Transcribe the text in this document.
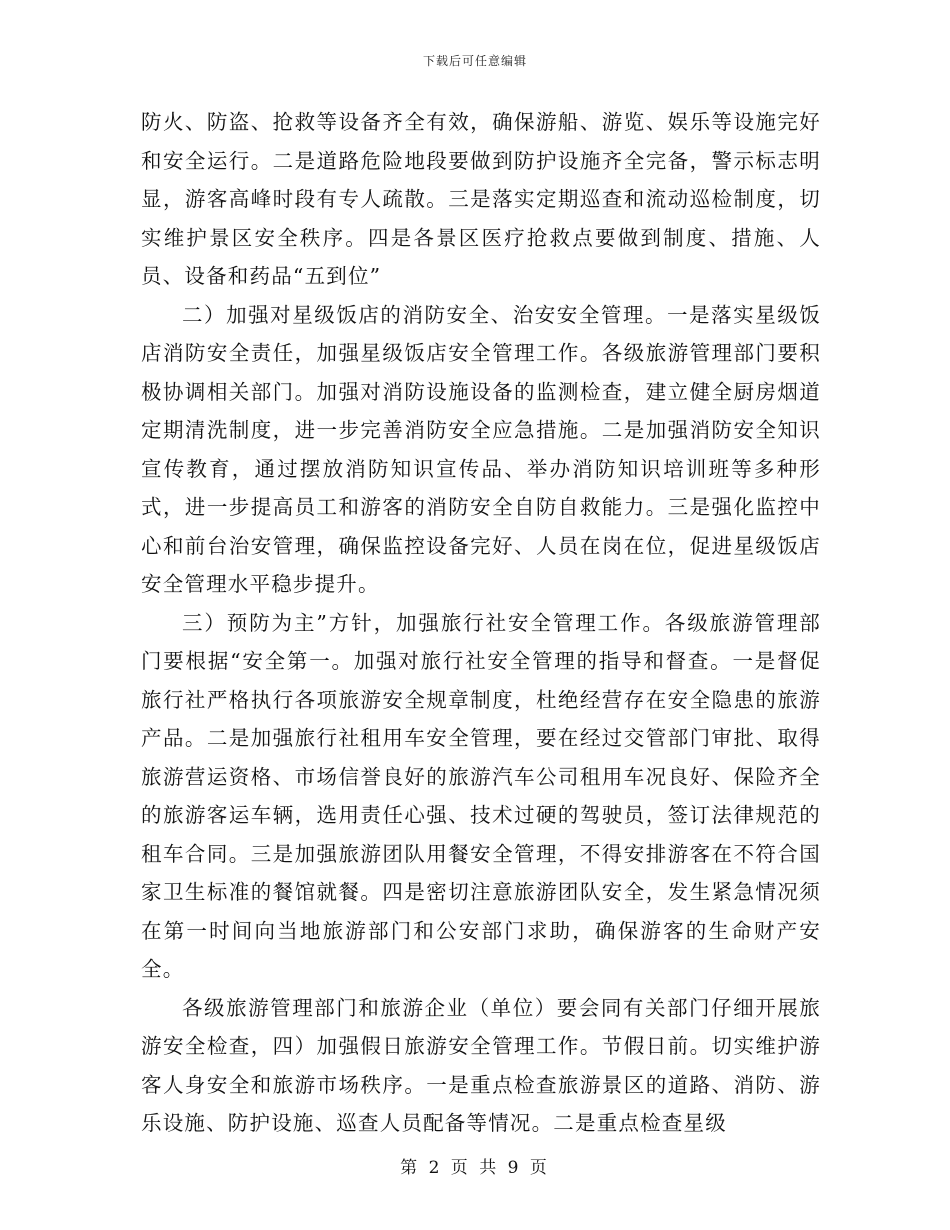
下载后可任意编辑

防火、防盗、抢救等设备齐全有效，确保游船、游览、娱乐等设施完好和安全运行。二是道路危险地段要做到防护设施齐全完备，警示标志明显，游客高峰时段有专人疏散。三是落实定期巡查和流动巡检制度，切实维护景区安全秩序。四是各景区医疗抢救点要做到制度、措施、人员、设备和药品“五到位”

二）加强对星级饭店的消防安全、治安安全管理。一是落实星级饭店消防安全责任，加强星级饭店安全管理工作。各级旅游管理部门要积极协调相关部门。加强对消防设施设备的监测检查，建立健全厨房烟道定期清洗制度，进一步完善消防安全应急措施。二是加强消防安全知识宣传教育，通过摆放消防知识宣传品、举办消防知识培训班等多种形式，进一步提高员工和游客的消防安全自防自救能力。三是强化监控中心和前台治安管理，确保监控设备完好、人员在岗在位，促进星级饭店安全管理水平稳步提升。

三）预防为主”方针，加强旅行社安全管理工作。各级旅游管理部门要根据“安全第一。加强对旅行社安全管理的指导和督查。一是督促旅行社严格执行各项旅游安全规章制度，杜绝经营存在安全隐患的旅游产品。二是加强旅行社租用车安全管理，要在经过交管部门审批、取得旅游营运资格、市场信誉良好的旅游汽车公司租用车况良好、保险齐全的旅游客运车辆，选用责任心强、技术过硬的驾驶员，签订法律规范的租车合同。三是加强旅游团队用餐安全管理，不得安排游客在不符合国家卫生标准的餐馆就餐。四是密切注意旅游团队安全，发生紧急情况须在第一时间向当地旅游部门和公安部门求助，确保游客的生命财产安全。

各级旅游管理部门和旅游企业（单位）要会同有关部门仔细开展旅游安全检查，四）加强假日旅游安全管理工作。节假日前。切实维护游客人身安全和旅游市场秩序。一是重点检查旅游景区的道路、消防、游乐设施、防护设施、巡查人员配备等情况。二是重点检查星级

第 2 页 共 9 页
